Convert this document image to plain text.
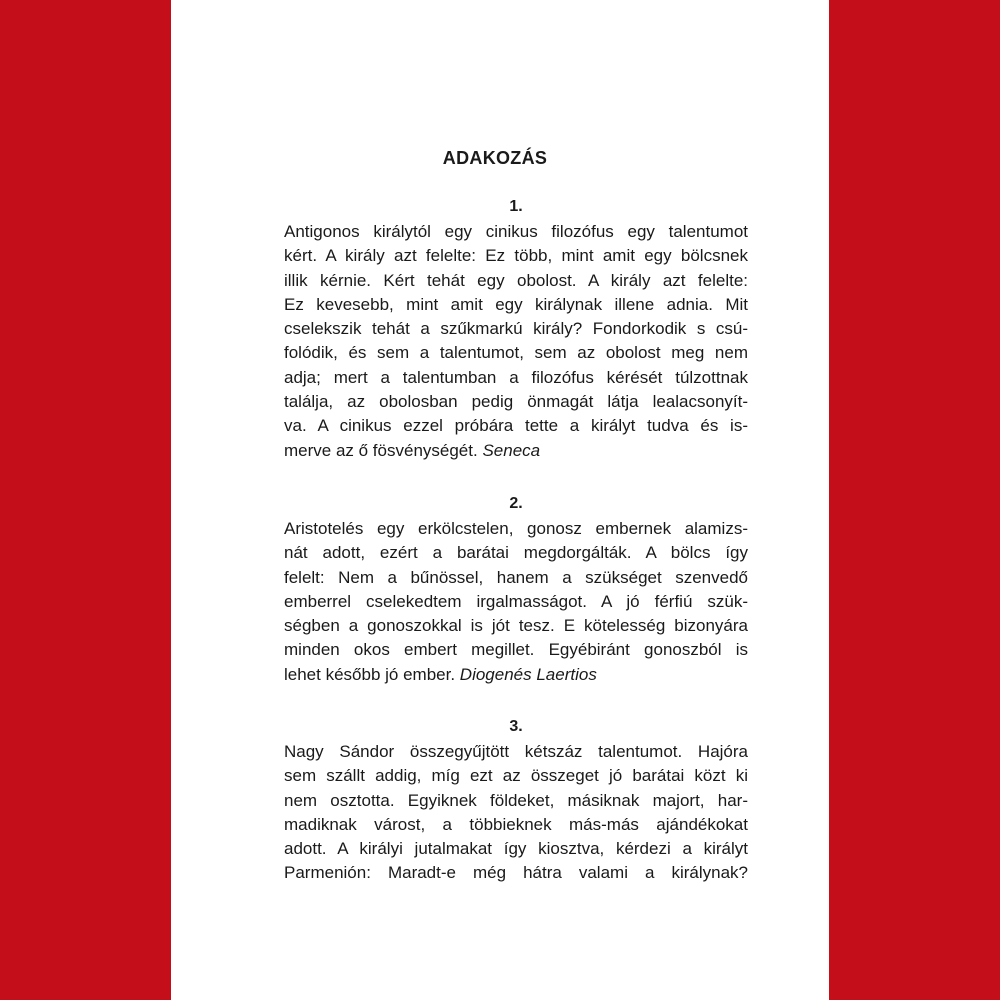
ADAKOZÁS
1.
Antigonos királytól egy cinikus filozófus egy talentumot
kért. A király azt felelte: Ez több, mint amit egy bölcsnek
illik kérnie. Kért tehát egy obolost. A király azt felelte:
Ez kevesebb, mint amit egy királynak illene adnia. Mit
cselekszik tehát a szűkmarkú király? Fondorkodik s csú-
folódik, és sem a talentumot, sem az obolost meg nem
adja; mert a talentumban a filozófus kérését túlzottnak
találja, az obolosban pedig önmagát látja lealacsonyít-
va. A cinikus ezzel próbára tette a királyt tudva és is-
merve az ő fösvénységét. Seneca
2.
Aristotelés egy erkölcstelen, gonosz embernek alamizs-
nát adott, ezért a barátai megdorgálták. A bölcs így
felelt: Nem a bűnössel, hanem a szükséget szenvedő
emberrel cselekedtem irgalmasságot. A jó férfiú szük-
ségben a gonoszokkal is jót tesz. E kötelesség bizonyára
minden okos embert megillet. Egyébiránt gonoszból is
lehet később jó ember. Diogenés Laertios
3.
Nagy Sándor összegyűjtött kétszáz talentumot. Hajóra
sem szállt addig, míg ezt az összeget jó barátai közt ki
nem osztotta. Egyiknek földeket, másiknak majort, har-
madiknak várost, a többieknek más-más ajándékokat
adott. A királyi jutalmakat így kiosztva, kérdezi a királyt
Parmenión: Maradt-e még hátra valami a királynak?
